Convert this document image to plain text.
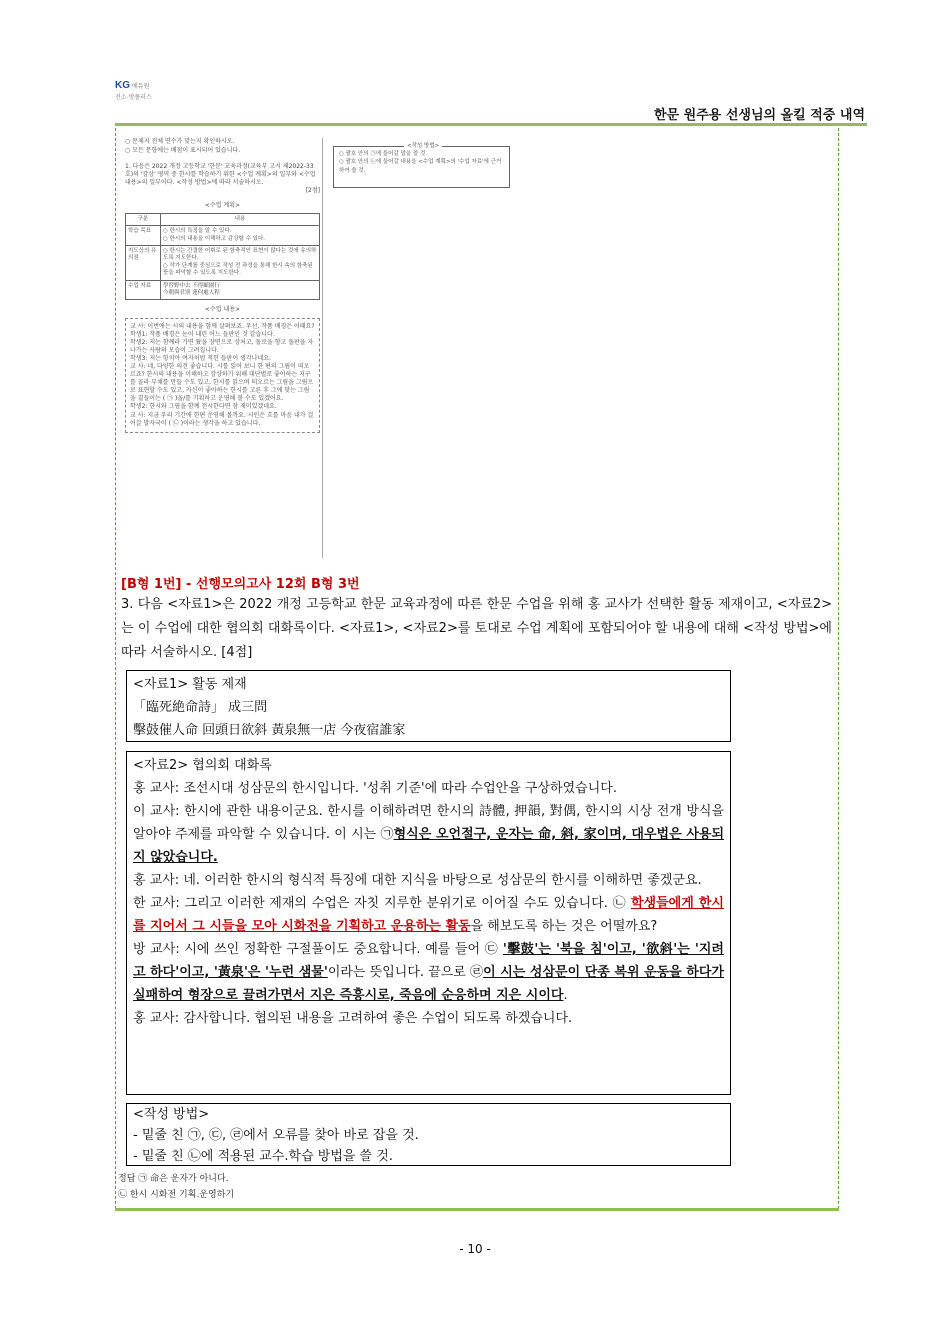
KG 에듀원
전소·방풀러스
한문 원주용 선생님의 올킬 적중 내역
○ 문제지 전체 면수가 맞는지 확인하시오.
○ 모든 문항에는 배점이 표시되어 있습니다.
1. 다음은 2022 개정 고등학교 '한문' 교육과정(교육부 고시 제2022-33호)의 '감상' 영역 중 한시를 학습하기 위한 <수업 계획>의 일부와 <수업 내용>의 일부이다. <작성 방법>에 따라 서술하시오.
[2점]
<수업 계획>
구분	내용
학습 목표	○ 한시의 특징을 알 수 있다.
○ 한시의 내용을 이해하고 감상할 수 있다.
지도상의 유의점	○ 한시는 간결한 어휘로 된 함축적인 표현이 많다는 것에 유의하도록 지도한다.
○ 작가 단계를 중심으로 작성 전 과정을 통해 한시 속의 함축된 뜻을 파악할 수 있도록 지도한다.
수업 자료	學習野中去 不得顧園行
今朝與君別 蓮何處人程
<수업 내용>
교 사: 이번에는 시의 내용을 함께 살펴보죠. 우선, 작품 배경은 어때요?
학생1: 작품 배경은 눈이 내린 어느 들판인 것 같습니다.
학생2: 저는 함께라 가면 왔을 장면으로 상처고, 돌로을 향고 돌판을 자나가는 사람의 모습이 그려집니다.
학생3: 저는 항치아 여자처럼 적힌 들판이 생각나네요.
교 사: 네, 다양한 의견 좋습니다. 시를 읽어 보니 한 편의 그림이 떠오르죠? 한시의 내용을 이해하고 감상하기 위해 대단별로 좋아하는 지구를 골라 부채를 만들 수도 있고, 한시를 읽으며 떠오르는 그림을 그림으로 표현할 수도 있고, 자신이 좋아하는 한시를 고른 후 그에 맞는 그림을 곁들이는 ( ㉠ )을/를 기획하고 운영해 볼 수도 있겠어요.
학생2: 한시와 그림을 함께 전시한다면 참 재미있겠네요.
교 사: 지금 우리 기간에 한편 운영해 볼까요. 시인은 흐를 마음 내가 걸어갈 발자국이 ( ㉡ )이라는 생각을 하고 있습니다.
<작성 방법>
○ 괄호 안의 ㉠에 들어갈 말을 쓸 것.
○ 괄호 안의 ㉡에 들어갈 내용을 <수업 계획>의 '수업 자료'에 근거하여 쓸 것.
[B형 1번] - 선행모의고사 12회 B형 3번
3. 다음 <자료1>은 2022 개정 고등학교 한문 교육과정에 따른 한문 수업을 위해 홍 교사가 선택한 활동 제재이고, <자료2>는 이 수업에 대한 협의회 대화록이다. <자료1>, <자료2>를 토대로 수업 계획에 포함되어야 할 내용에 대해 <작성 방법>에 따라 서술하시오. [4점]
<자료1> 활동 제재
「臨死絶命詩」 成三問
擊鼓催人命 回頭日欲斜 黃泉無一店 今夜宿誰家
<자료2> 협의회 대화록
홍 교사: 조선시대 성삼문의 한시입니다. '성취 기준'에 따라 수업안을 구상하였습니다.
이 교사: 한시에 관한 내용이군요. 한시를 이해하려면 한시의 詩體, 押韻, 對偶, 한시의 시상 전개 방식을 알아야 주제를 파악할 수 있습니다. 이 시는 ㉠형식은 오언절구, 운자는 命, 斜, 家이며, 대우법은 사용되지 않았습니다.
홍 교사: 네. 이러한 한시의 형식적 특징에 대한 지식을 바탕으로 성삼문의 한시를 이해하면 좋겠군요.
한 교사: 그리고 이러한 제재의 수업은 자칫 지루한 분위기로 이어질 수도 있습니다. ㉡ 학생들에게 한시를 지어서 그 시들을 모아 시화전을 기획하고 운용하는 활동을 해보도록 하는 것은 어떨까요?
방 교사: 시에 쓰인 정확한 구절풀이도 중요합니다. 예를 들어 ㉢ '擊鼓'는 '북을 침'이고, '欲斜'는 '지려고 하다'이고, '黃泉'은 '누런 샘물'이라는 뜻입니다. 끝으로 ㉣이 시는 성삼문이 단종 복위 운동을 하다가 실패하여 형장으로 끌려가면서 지은 즉흥시로, 죽음에 순응하며 지은 시이다.
홍 교사: 감사합니다. 협의된 내용을 고려하여 좋은 수업이 되도록 하겠습니다.
<작성 방법>
- 밑줄 친 ㉠, ㉢, ㉣에서 오류를 찾아 바로 잡을 것.
- 밑줄 친 ㉡에 적용된 교수.학습 방법을 쓸 것.
정답 ㉠ 命은 운자가 아니다.
㉡ 한시 시화전 기획.운영하기
- 10 -
